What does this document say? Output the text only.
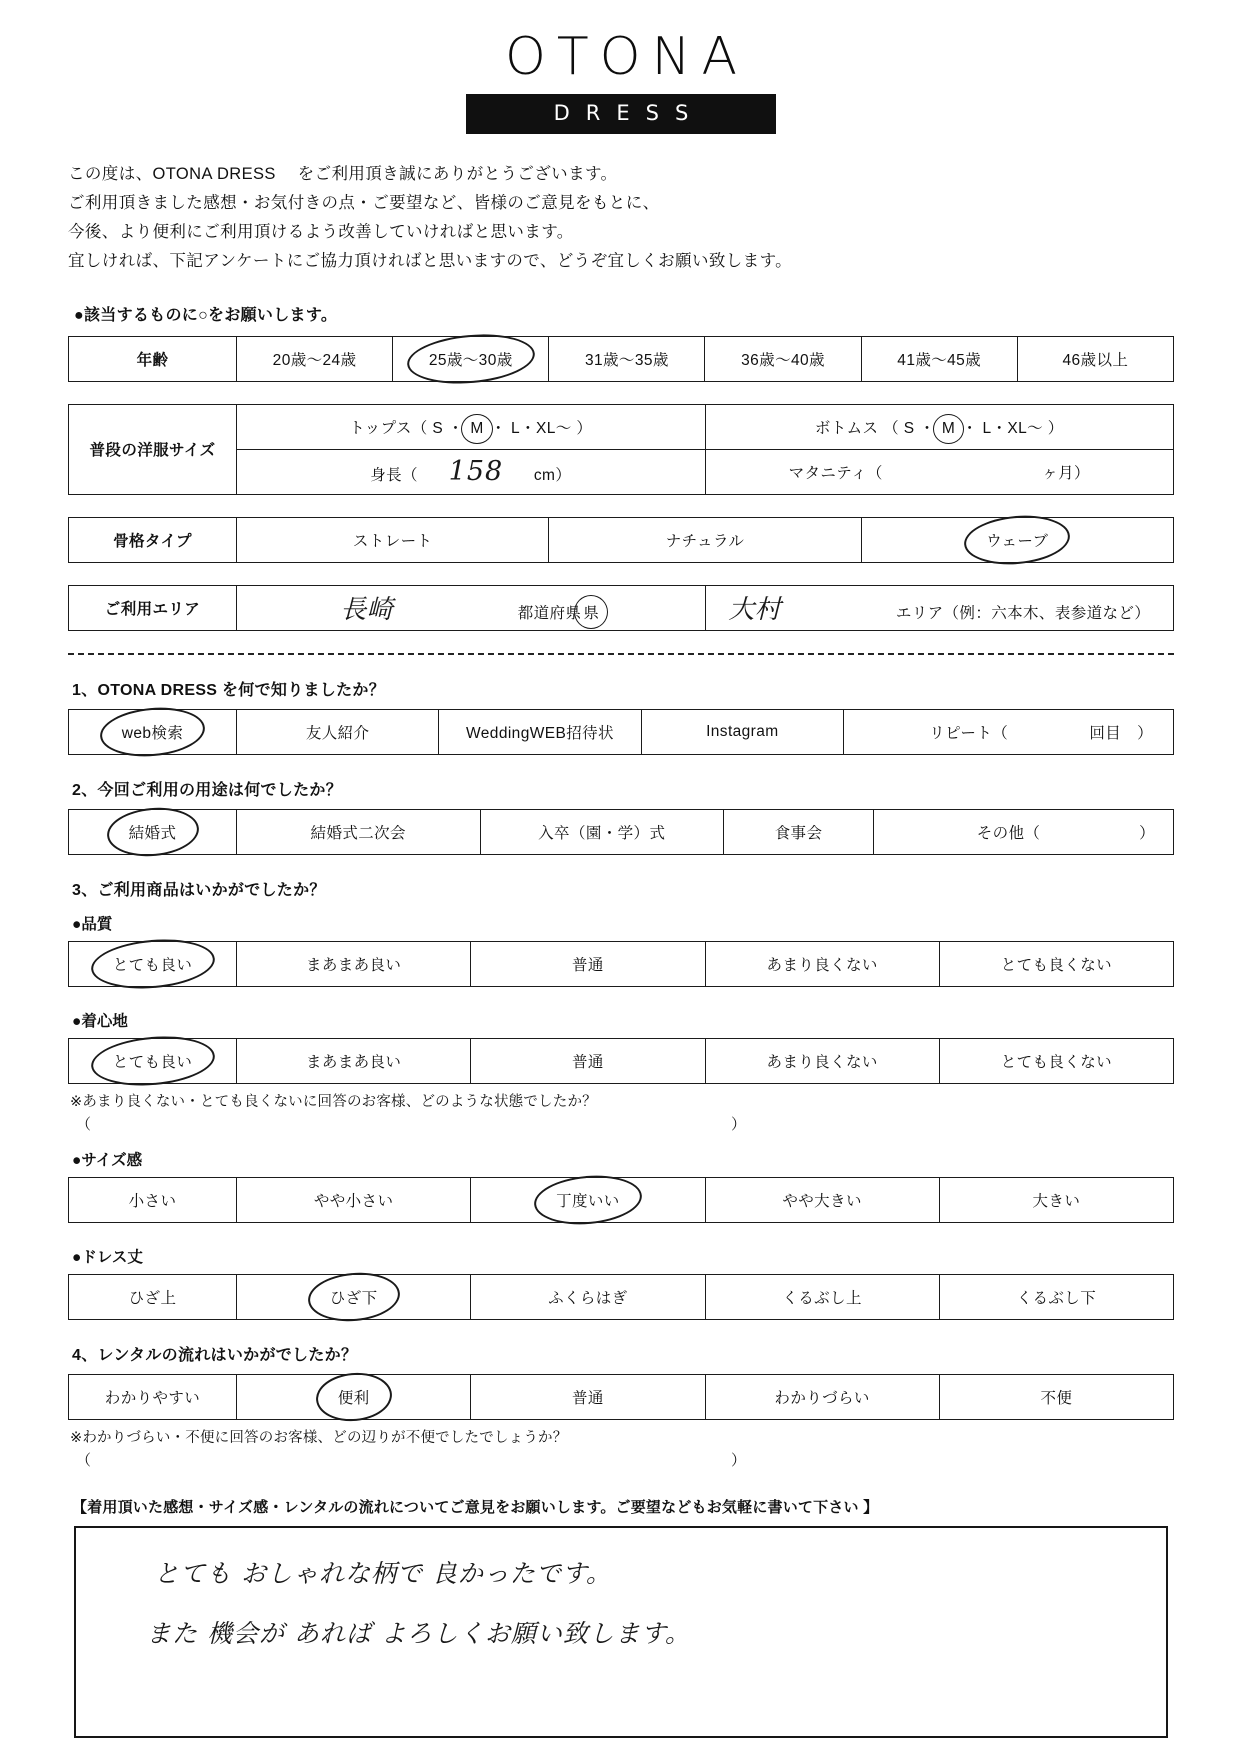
OTONA
DRESS
この度は、OTONA DRESS 　をご利用頂き誠にありがとうございます。
ご利用頂きました感想・お気付きの点・ご要望など、皆様のご意見をもとに、
今後、より便利にご利用頂けるよう改善していければと思います。
宜しければ、下記アンケートにご協力頂ければと思いますので、どうぞ宜しくお願い致します。
●該当するものに○をお願いします。
年齢	20歳～24歳	25歳～30歳	31歳～35歳	36歳～40歳	41歳～45歳	46歳以上
普段の洋服サイズ	トップス（ S ・ M ・ L・XL～ ）	ボトムス （ S ・ M ・ L・XL～ ）
	身長（ 158 cm）	マタニティ（ ヶ月）
骨格タイプ	ストレート	ナチュラル	ウェーブ
ご利用エリア	長崎	都道府県 県	大村	エリア（例：六本木、表参道など）
1、OTONA DRESS を何で知りましたか？
web検索	友人紹介	WeddingWEB招待状	Instagram	リピート（	回目　）
2、今回ご利用の用途は何でしたか？
結婚式	結婚式二次会	入卒（園・学）式	食事会	その他（	）
3、ご利用商品はいかがでしたか？
●品質
とても良い	まあまあ良い	普通	あまり良くない	とても良くない
●着心地
とても良い	まあまあ良い	普通	あまり良くない	とても良くない
※あまり良くない・とても良くないに回答のお客様、どのような状態でしたか？
（	）
●サイズ感
小さい	やや小さい	丁度いい	やや大きい	大きい
●ドレス丈
ひざ上	ひざ下	ふくらはぎ	くるぶし上	くるぶし下
4、レンタルの流れはいかがでしたか？
わかりやすい	便利	普通	わかりづらい	不便
※わかりづらい・不便に回答のお客様、どの辺りが不便でしたでしょうか？
（	）
【着用頂いた感想・サイズ感・レンタルの流れについてご意見をお願いします。ご要望などもお気軽に書いて下さい 】
とても おしゃれな柄で 良かったです。
また 機会が あれば よろしくお願い致します。
